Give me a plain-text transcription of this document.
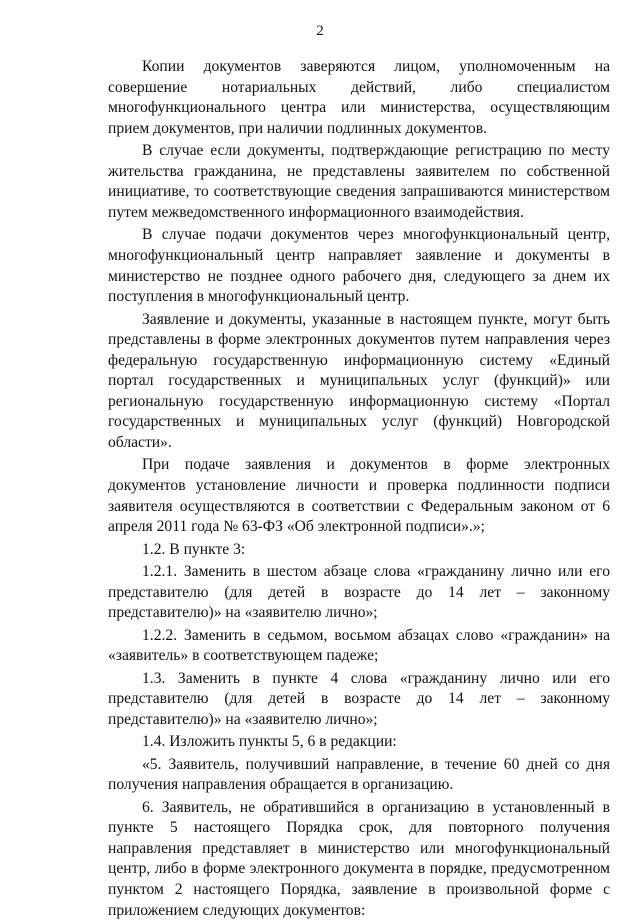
2

Копии документов заверяются лицом, уполномоченным на совершение нотариальных действий, либо специалистом многофункционального центра или министерства, осуществляющим прием документов, при наличии подлинных документов.

В случае если документы, подтверждающие регистрацию по месту жительства гражданина, не представлены заявителем по собственной инициативе, то соответствующие сведения запрашиваются министерством путем межведомственного информационного взаимодействия.

В случае подачи документов через многофункциональный центр, многофункциональный центр направляет заявление и документы в министерство не позднее одного рабочего дня, следующего за днем их поступления в многофункциональный центр.

Заявление и документы, указанные в настоящем пункте, могут быть представлены в форме электронных документов путем направления через федеральную государственную информационную систему «Единый портал государственных и муниципальных услуг (функций)» или региональную государственную информационную систему «Портал государственных и муниципальных услуг (функций) Новгородской области».

При подаче заявления и документов в форме электронных документов установление личности и проверка подлинности подписи заявителя осуществляются в соответствии с Федеральным законом от 6 апреля 2011 года № 63-ФЗ «Об электронной подписи».»;

1.2. В пункте 3:

1.2.1. Заменить в шестом абзаце слова «гражданину лично или его представителю (для детей в возрасте до 14 лет – законному представителю)» на «заявителю лично»;

1.2.2. Заменить в седьмом, восьмом абзацах слово «гражданин» на «заявитель» в соответствующем падеже;

1.3. Заменить в пункте 4 слова «гражданину лично или его представителю (для детей в возрасте до 14 лет – законному представителю)» на «заявителю лично»;

1.4. Изложить пункты 5, 6 в редакции:

«5. Заявитель, получивший направление, в течение 60 дней со дня получения направления обращается в организацию.

6. Заявитель, не обратившийся в организацию в установленный в пункте 5 настоящего Порядка срок, для повторного получения направления представляет в министерство или многофункциональный центр, либо в форме электронного документа в порядке, предусмотренном пунктом 2 настоящего Порядка, заявление в произвольной форме с приложением следующих документов:
